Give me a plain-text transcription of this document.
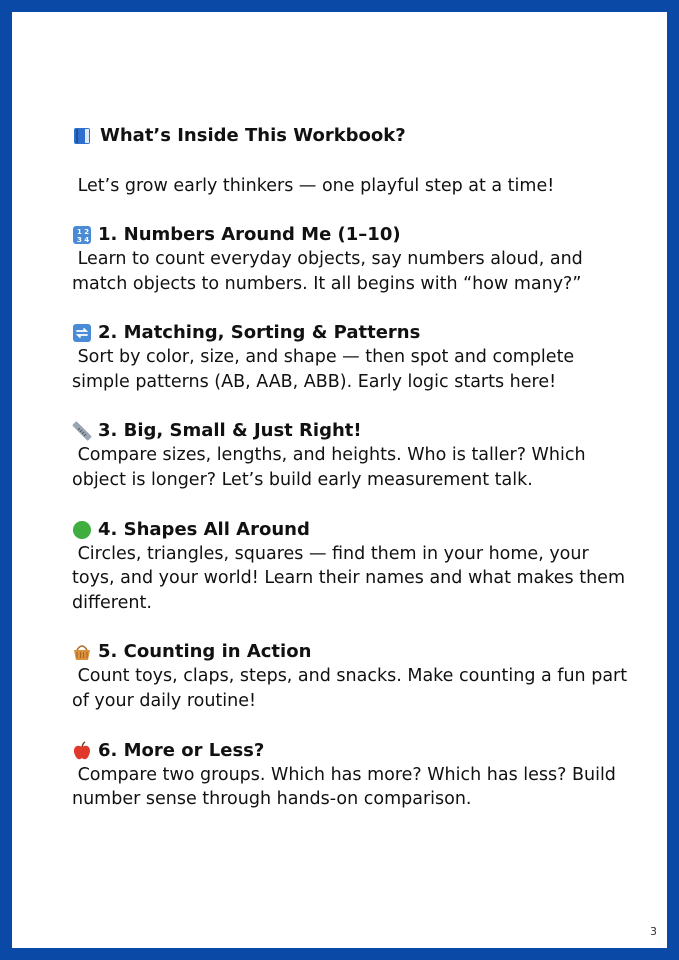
What’s Inside This Workbook?
Let’s grow early thinkers — one playful step at a time!
1 2
3 4 1. Numbers Around Me (1–10)
Learn to count everyday objects, say numbers aloud, and match objects to numbers. It all begins with “how many?”
2. Matching, Sorting & Patterns
Sort by color, size, and shape — then spot and complete simple patterns (AB, AAB, ABB). Early logic starts here!
3. Big, Small & Just Right!
Compare sizes, lengths, and heights. Who is taller? Which object is longer? Let’s build early measurement talk.
4. Shapes All Around
Circles, triangles, squares — find them in your home, your toys, and your world! Learn their names and what makes them different.
5. Counting in Action
Count toys, claps, steps, and snacks. Make counting a fun part of your daily routine!
6. More or Less?
Compare two groups. Which has more? Which has less? Build number sense through hands-on comparison.
3
